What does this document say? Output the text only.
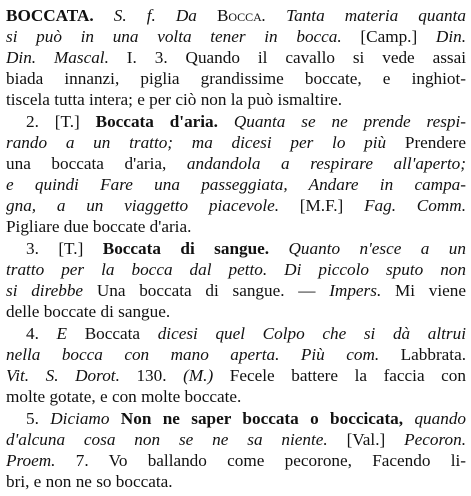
BOCCATA. S. f. Da Bocca. Tanta materia quanta
si può in una volta tener in bocca. [Camp.] Din.
Din. Mascal. I. 3. Quando il cavallo si vede assai
biada innanzi, piglia grandissime boccate, e inghiot-
tiscela tutta intera; e per ciò non la può ismaltire.
2. [T.] Boccata d'aria. Quanta se ne prende respi-
rando a un tratto; ma dicesi per lo più Prendere
una boccata d'aria, andandola a respirare all'aperto;
e quindi Fare una passeggiata, Andare in campa-
gna, a un viaggetto piacevole. [M.F.] Fag. Comm.
Pigliare due boccate d'aria.
3. [T.] Boccata di sangue. Quanto n'esce a un
tratto per la bocca dal petto. Di piccolo sputo non
si direbbe Una boccata di sangue. — Impers. Mi viene
delle boccate di sangue.
4. E Boccata dicesi quel Colpo che si dà altrui
nella bocca con mano aperta. Più com. Labbrata.
Vit. S. Dorot. 130. (M.) Fecele battere la faccia con
molte gotate, e con molte boccate.
5. Diciamo Non ne saper boccata o boccicata, quando
d'alcuna cosa non se ne sa niente. [Val.] Pecoron.
Proem. 7. Vo ballando come pecorone, Facendo li-
bri, e non ne so boccata.
